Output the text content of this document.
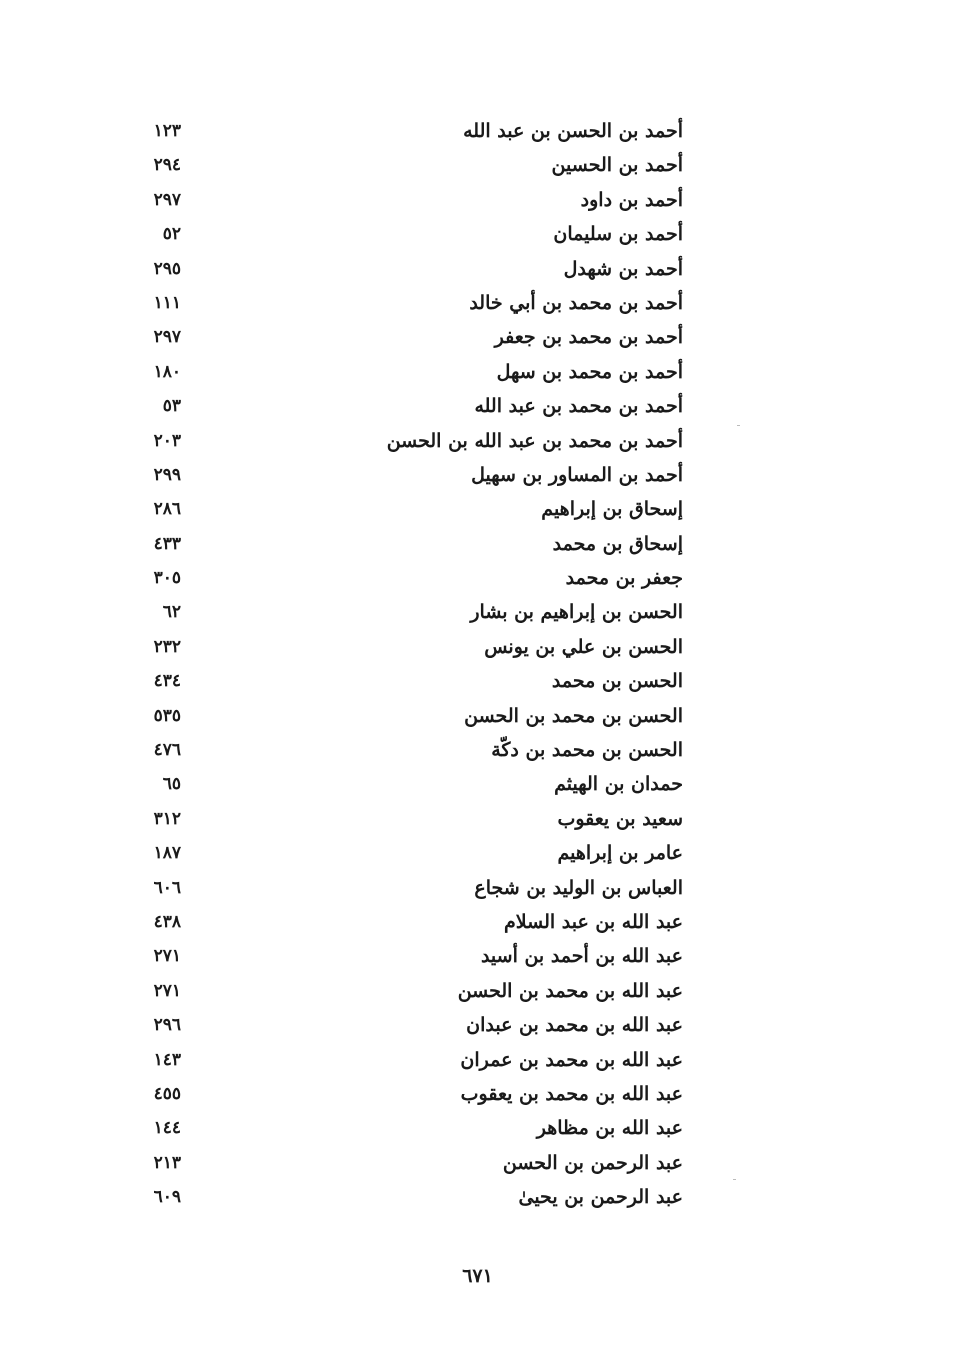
أحمد بن الحسن بن عبد الله
١٢٣
أحمد بن الحسين
٢٩٤
أحمد بن داود
٢٩٧
أحمد بن سليمان
٥٢
أحمد بن شهدل
٢٩٥
أحمد بن محمد بن أبي خالد
١١١
أحمد بن محمد بن جعفر
٢٩٧
أحمد بن محمد بن سهل
١٨٠
أحمد بن محمد بن عبد الله
٥٣
أحمد بن محمد بن عبد الله بن الحسن
٢٠٣
أحمد بن المساور بن سهيل
٢٩٩
إسحاق بن إبراهيم
٢٨٦
إسحاق بن محمد
٤٣٣
جعفر بن محمد
٣٠٥
الحسن بن إبراهيم بن بشار
٦٢
الحسن بن علي بن يونس
٢٣٢
الحسن بن محمد
٤٣٤
الحسن بن محمد بن الحسن
٥٣٥
الحسن بن محمد بن دكّة
٤٧٦
حمدان بن الهيثم
٦٥
سعيد بن يعقوب
٣١٢
عامر بن إبراهيم
١٨٧
العباس بن الوليد بن شجاع
٦٠٦
عبد الله بن عبد السلام
٤٣٨
عبد الله بن أحمد بن أسيد
٢٧١
عبد الله بن محمد بن الحسن
٢٧١
عبد الله بن محمد بن عبدان
٢٩٦
عبد الله بن محمد بن عمران
١٤٣
عبد الله بن محمد بن يعقوب
٤٥٥
عبد الله بن مظاهر
١٤٤
عبد الرحمن بن الحسن
٢١٣
عبد الرحمن بن يحيىٰ
٦٠٩
٦٧١
